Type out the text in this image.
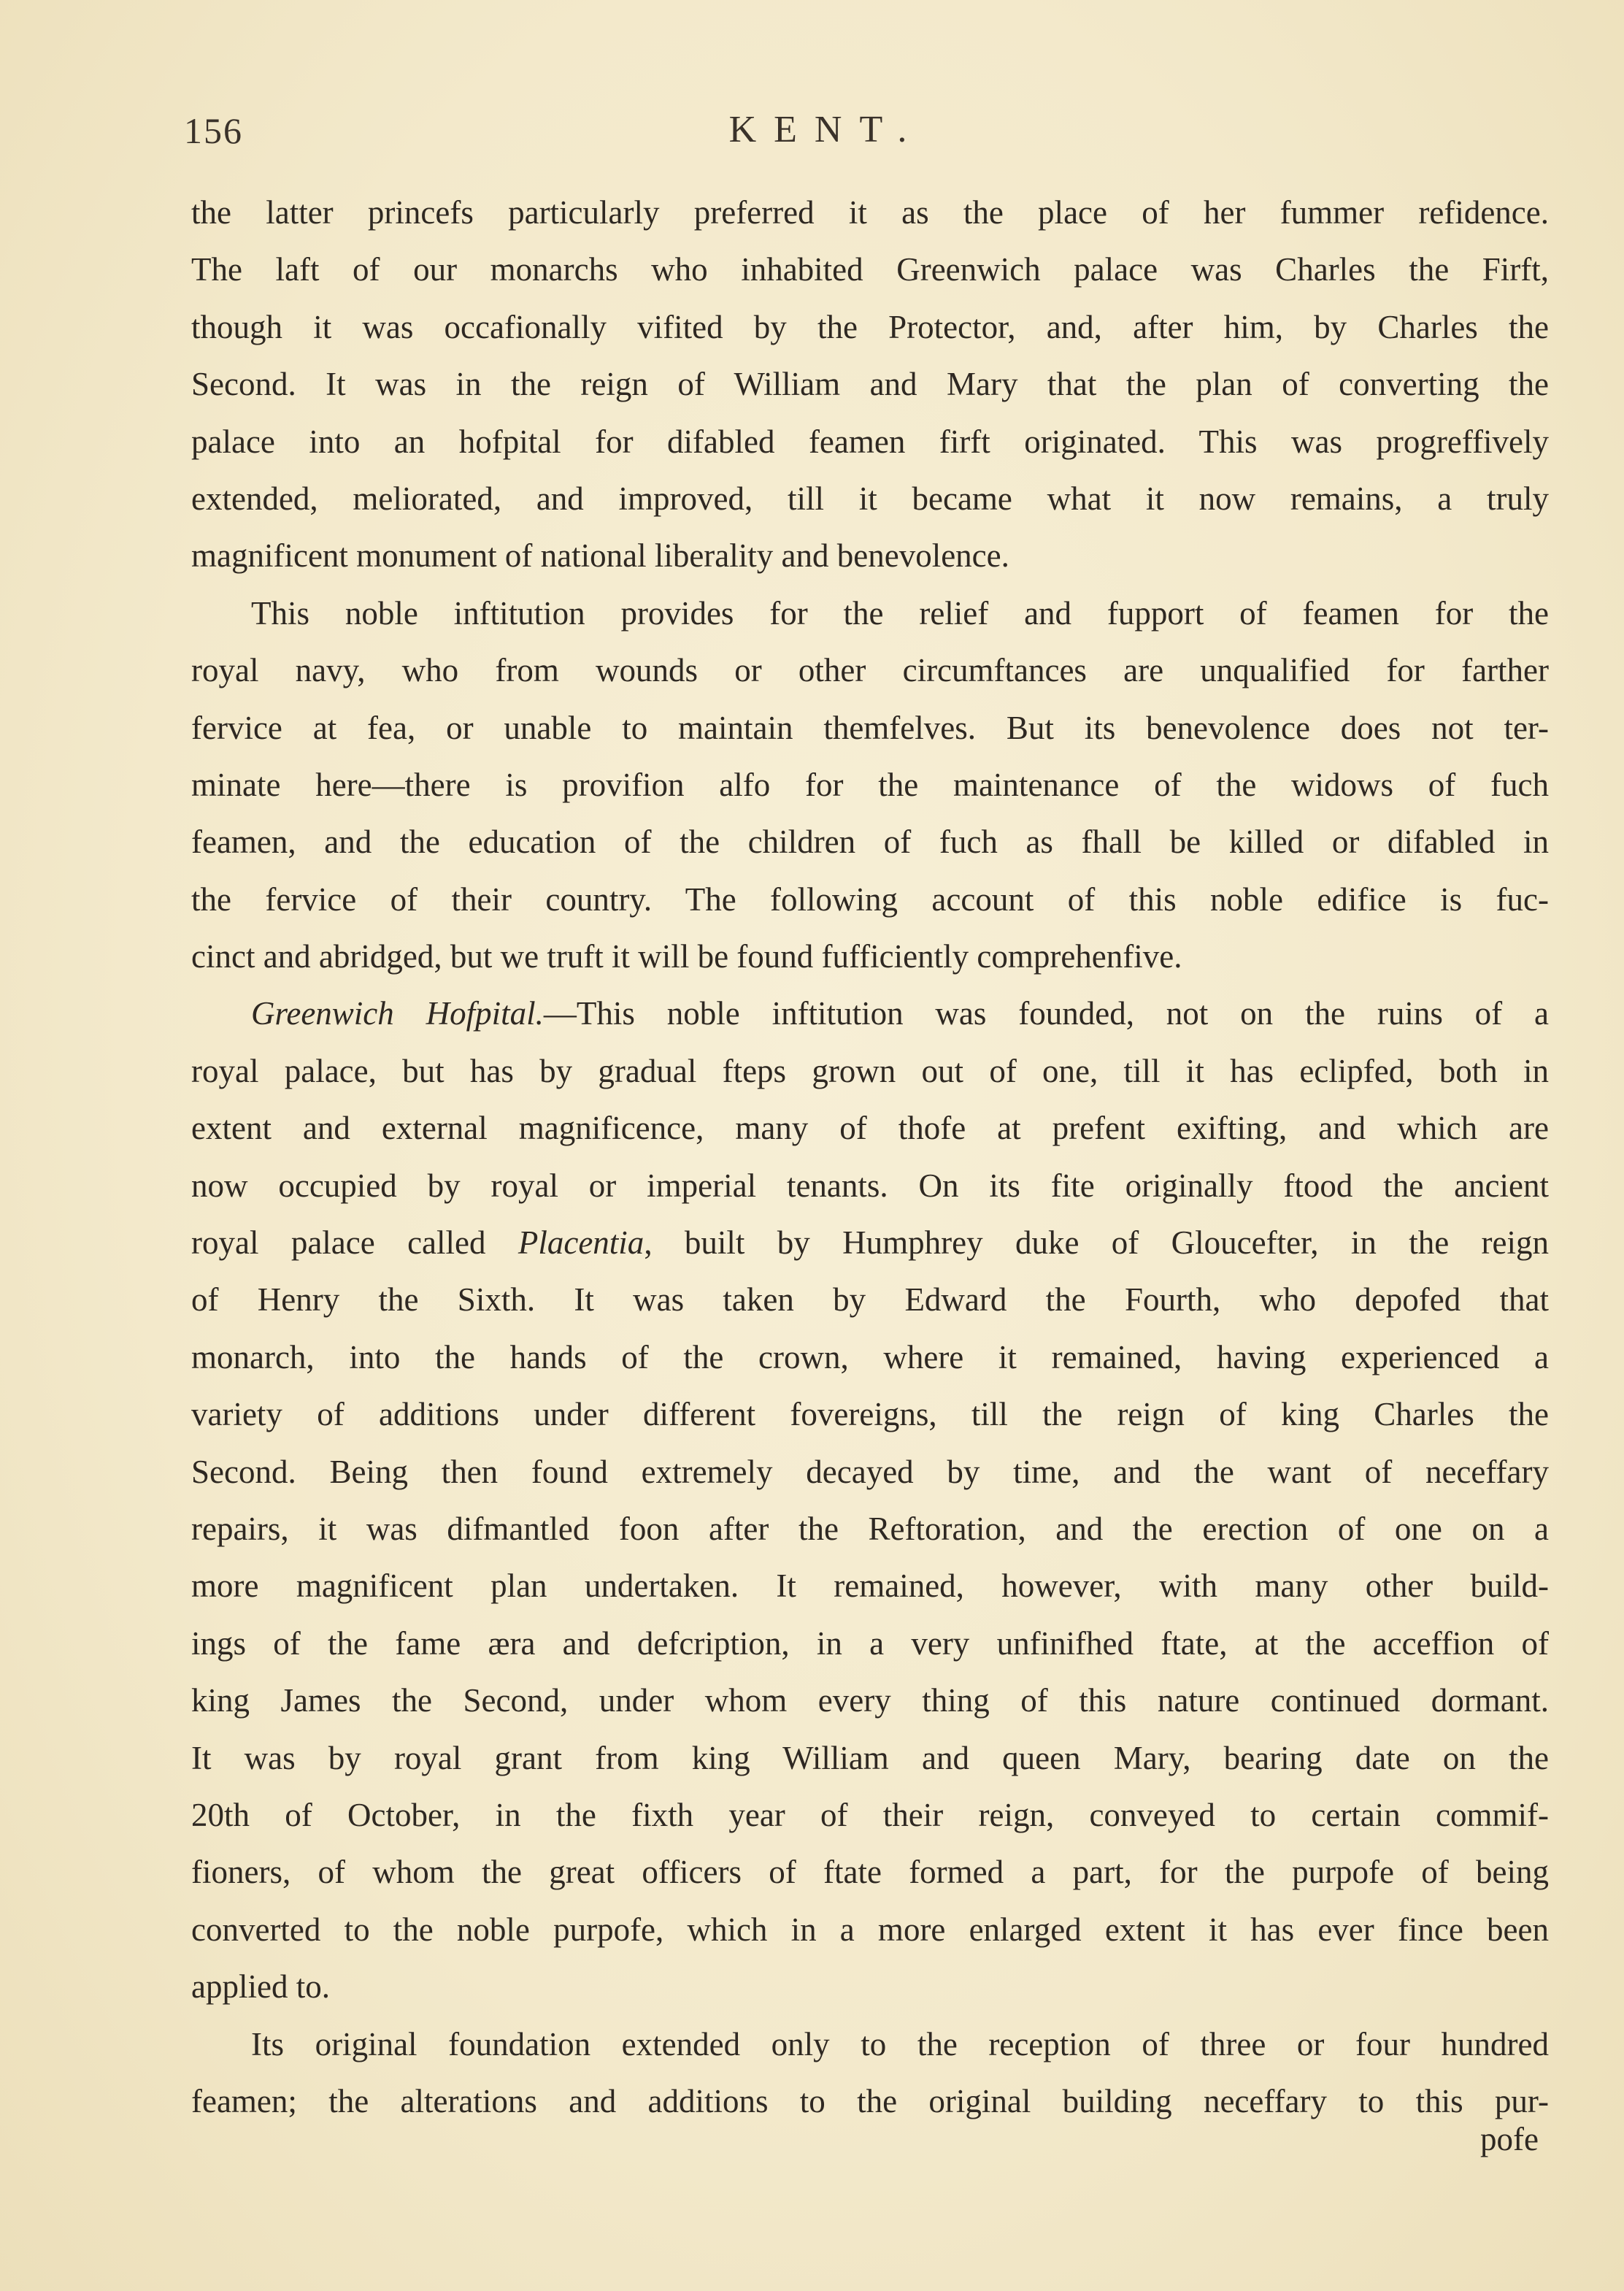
156	KENT.
the latter princefs particularly preferred it as the place of her fummer refidence.
The laft of our monarchs who inhabited Greenwich palace was Charles the Firft,
though it was occafionally vifited by the Protector, and, after him, by Charles the
Second. It was in the reign of William and Mary that the plan of converting the
palace into an hofpital for difabled feamen firft originated. This was progreffively
extended, meliorated, and improved, till it became what it now remains, a truly
magnificent monument of national liberality and benevolence.
This noble inftitution provides for the relief and fupport of feamen for the
royal navy, who from wounds or other circumftances are unqualified for farther
fervice at fea, or unable to maintain themfelves. But its benevolence does not ter-
minate here—there is provifion alfo for the maintenance of the widows of fuch
feamen, and the education of the children of fuch as fhall be killed or difabled in
the fervice of their country. The following account of this noble edifice is fuc-
cinct and abridged, but we truft it will be found fufficiently comprehenfive.
Greenwich Hofpital.—This noble inftitution was founded, not on the ruins of a
royal palace, but has by gradual fteps grown out of one, till it has eclipfed, both in
extent and external magnificence, many of thofe at prefent exifting, and which are
now occupied by royal or imperial tenants. On its fite originally ftood the ancient
royal palace called Placentia, built by Humphrey duke of Gloucefter, in the reign
of Henry the Sixth. It was taken by Edward the Fourth, who depofed that
monarch, into the hands of the crown, where it remained, having experienced a
variety of additions under different fovereigns, till the reign of king Charles the
Second. Being then found extremely decayed by time, and the want of neceffary
repairs, it was difmantled foon after the Reftoration, and the erection of one on a
more magnificent plan undertaken. It remained, however, with many other build-
ings of the fame æra and defcription, in a very unfinifhed ftate, at the acceffion of
king James the Second, under whom every thing of this nature continued dormant.
It was by royal grant from king William and queen Mary, bearing date on the
20th of October, in the fixth year of their reign, conveyed to certain commif-
fioners, of whom the great officers of ftate formed a part, for the purpofe of being
converted to the noble purpofe, which in a more enlarged extent it has ever fince been
applied to.
Its original foundation extended only to the reception of three or four hundred
feamen; the alterations and additions to the original building neceffary to this pur-
pofe
